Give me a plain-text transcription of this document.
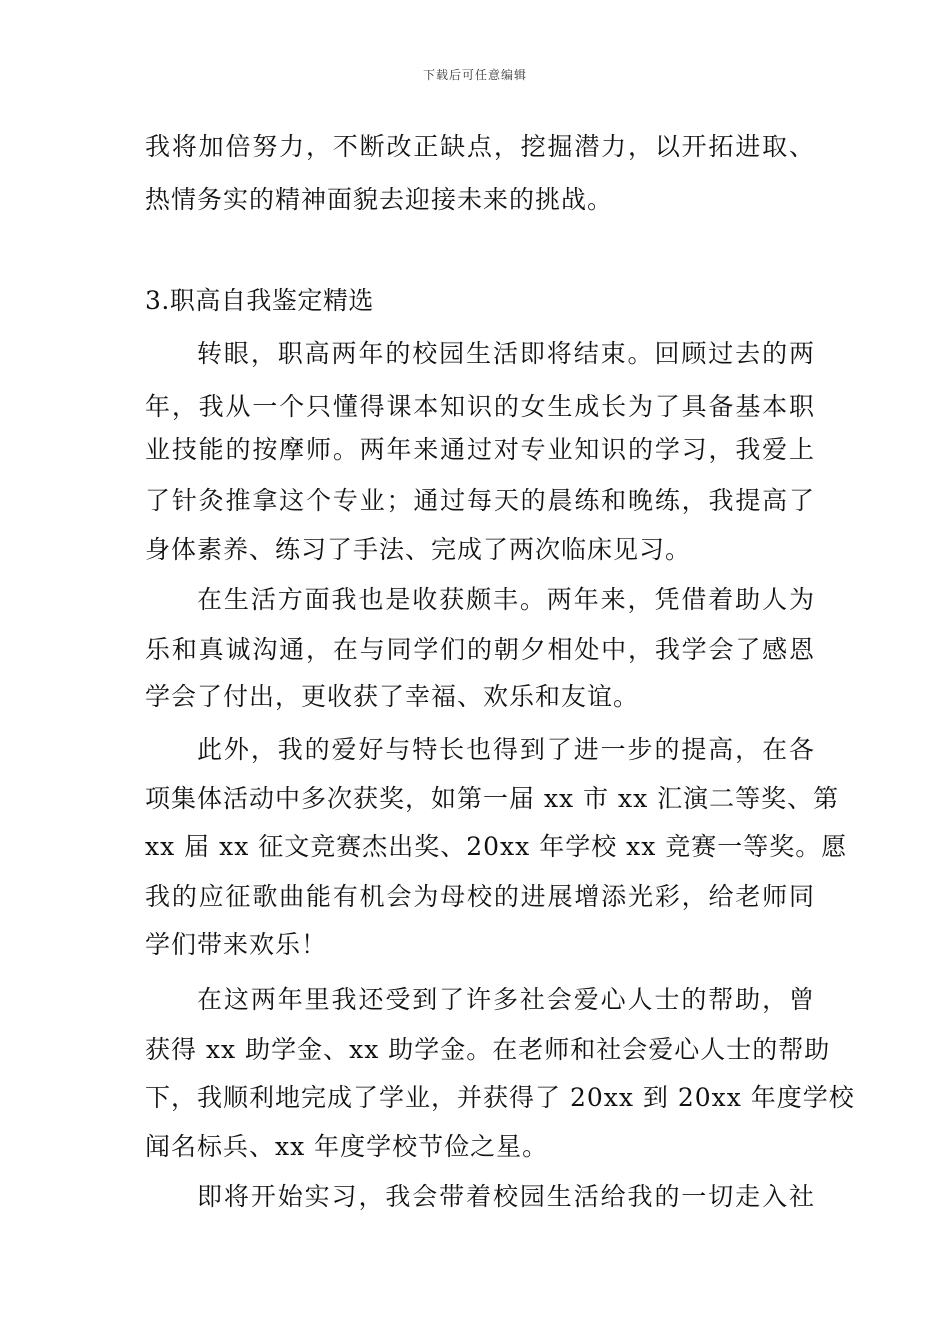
下载后可任意编辑
我将加倍努力，不断改正缺点，挖掘潜力，以开拓进取、
热情务实的精神面貌去迎接未来的挑战。
3.职高自我鉴定精选
转眼，职高两年的校园生活即将结束。回顾过去的两
年，我从一个只懂得课本知识的女生成长为了具备基本职
业技能的按摩师。两年来通过对专业知识的学习，我爱上
了针灸推拿这个专业；通过每天的晨练和晚练，我提高了
身体素养、练习了手法、完成了两次临床见习。
在生活方面我也是收获颇丰。两年来，凭借着助人为
乐和真诚沟通，在与同学们的朝夕相处中，我学会了感恩
学会了付出，更收获了幸福、欢乐和友谊。
此外，我的爱好与特长也得到了进一步的提高，在各
项集体活动中多次获奖，如第一届 xx 市 xx 汇演二等奖、第
xx 届 xx 征文竞赛杰出奖、20xx 年学校 xx 竞赛一等奖。愿
我的应征歌曲能有机会为母校的进展增添光彩，给老师同
学们带来欢乐！
在这两年里我还受到了许多社会爱心人士的帮助，曾
获得 xx 助学金、xx 助学金。在老师和社会爱心人士的帮助
下，我顺利地完成了学业，并获得了 20xx 到 20xx 年度学校
闻名标兵、xx 年度学校节俭之星。
即将开始实习，我会带着校园生活给我的一切走入社
